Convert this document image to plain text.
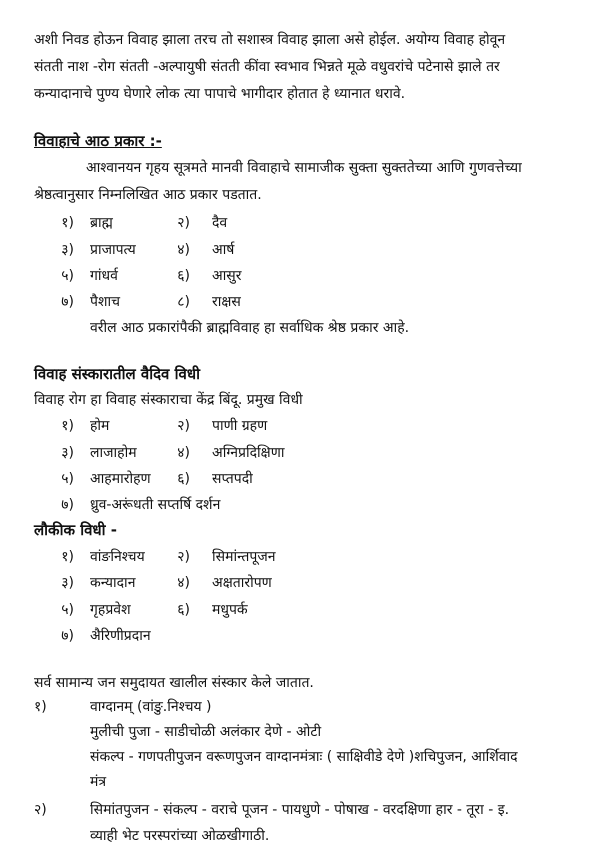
अशी निवड होऊन विवाह झाला तरच तो सशास्त्र विवाह झाला असे होईल. अयोग्य विवाह होवून
संतती नाश -रोग संतती -अल्पायुषी संतती कींवा स्वभाव भिन्नते मूळे वधुवरांचे पटेनासे झाले तर
कन्यादानाचे पुण्य घेणारे लोक त्या पापाचे भागीदार होतात हे ध्यानात धरावे.
विवाहाचे आठ प्रकार :-
आश्वानयन गृहय सूत्रमते मानवी विवाहाचे सामाजीक सुक्ता सुक्ततेच्या आणि गुणवत्तेच्या
श्रेष्ठत्वानुसार निम्नलिखित आठ प्रकार पडतात.
१) ब्राह्म	२) दैव
३) प्राजापत्य	४) आर्ष
५) गांधर्व	६) आसुर
७) पैशाच	८) राक्षस
वरील आठ प्रकारांपैकी ब्राह्मविवाह हा सर्वाधिक श्रेष्ठ प्रकार आहे.
विवाह संस्कारातील वैदिव विधी
विवाह रोग हा विवाह संस्काराचा केंद्र बिंदू. प्रमुख विधी
१) होम	२) पाणी ग्रहण
३) लाजाहोम	४) अग्निप्रदिक्षिणा
५) आहमारोहण	६) सप्तपदी
७) ध्रुव-अरूंधती सप्तर्षि दर्शन
लौकीक विधी -
१) वांङनिश्चय	२) सिमांन्तपूजन
३) कन्यादान	४) अक्षतारोपण
५) गृहप्रवेश	६) मधुपर्क
७) अैरिणीप्रदान
सर्व सामान्य जन समुदायत खालील संस्कार केले जातात.
१)	वाग्दानम् (वांङु.निश्चय )
मुलीची पुजा - साडीचोळी अलंकार देणे - ओटी
संकल्प - गणपतीपुजन वरूणपुजन वाग्दानमंत्राः ( साक्षिवीडे देणे )शचिपुजन, आर्शिवाद
मंत्र
२)	सिमांतपुजन - संकल्प - वराचे पूजन - पायधुणे - पोषाख - वरदक्षिणा हार - तूरा - इ.
व्याही भेट परस्परांच्या ओळखीगाठी.
